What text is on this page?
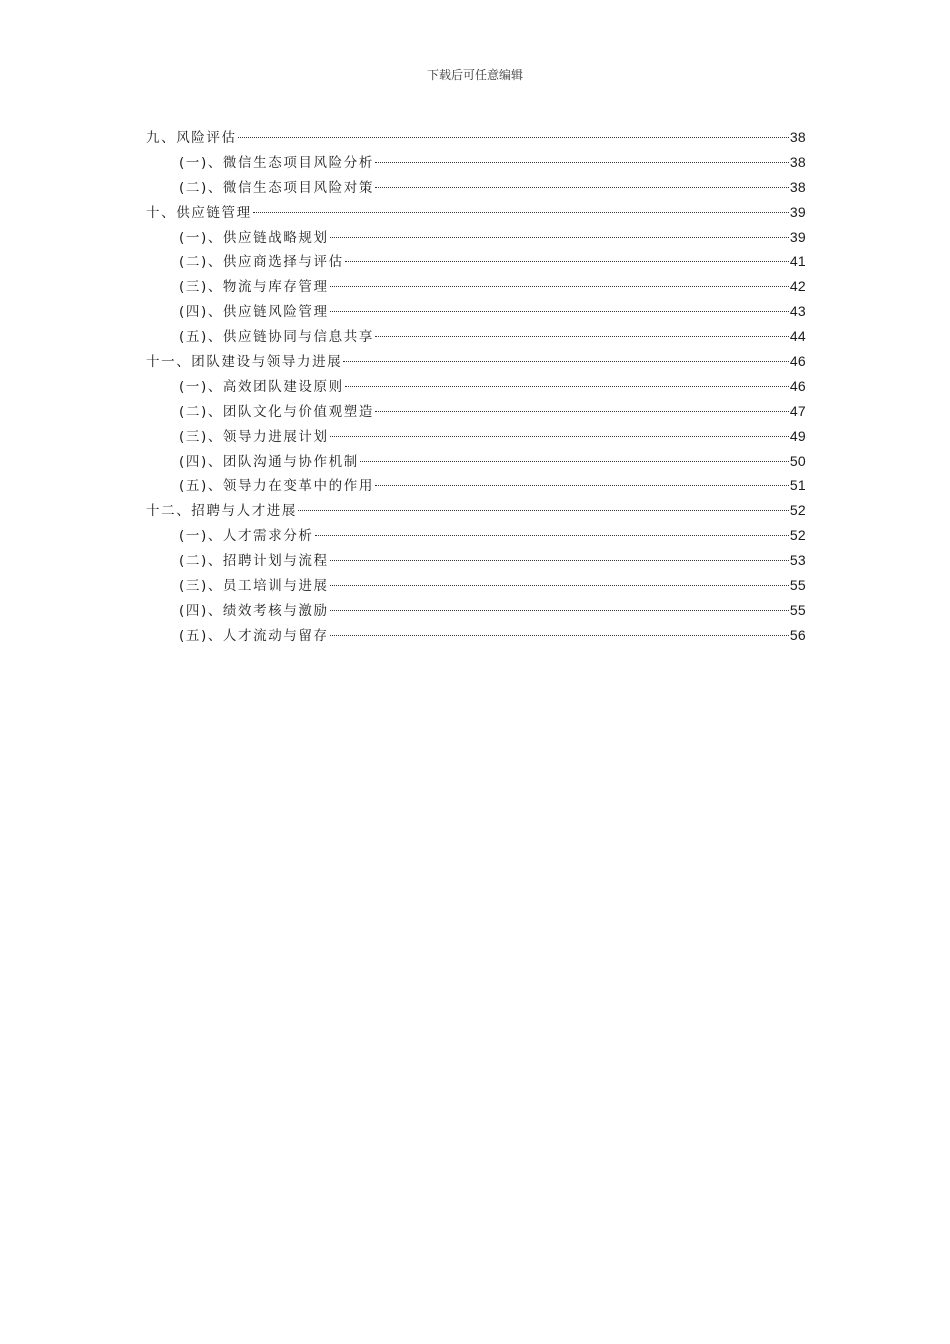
下载后可任意编辑
九、风险评估	38
(一)、微信生态项目风险分析	38
(二)、微信生态项目风险对策	38
十、供应链管理	39
(一)、供应链战略规划	39
(二)、供应商选择与评估	41
(三)、物流与库存管理	42
(四)、供应链风险管理	43
(五)、供应链协同与信息共享	44
十一、团队建设与领导力进展	46
(一)、高效团队建设原则	46
(二)、团队文化与价值观塑造	47
(三)、领导力进展计划	49
(四)、团队沟通与协作机制	50
(五)、领导力在变革中的作用	51
十二、招聘与人才进展	52
(一)、人才需求分析	52
(二)、招聘计划与流程	53
(三)、员工培训与进展	55
(四)、绩效考核与激励	55
(五)、人才流动与留存	56
